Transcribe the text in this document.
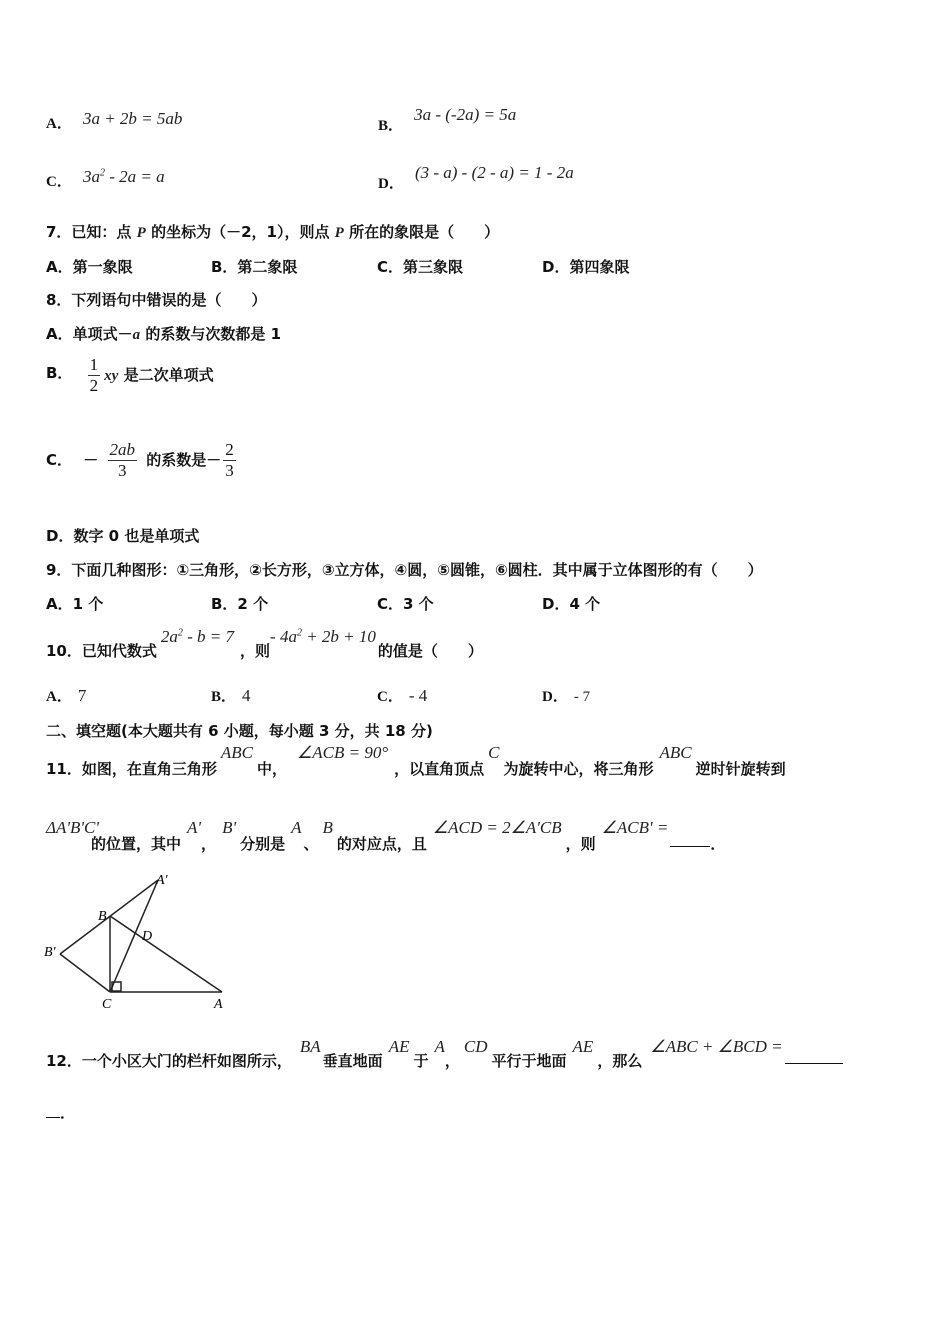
A． 3a + 2b = 5ab	B． 3a - (-2a) = 5a
C． $3a^2 - 2a = a$	D． (3 - a) - (2 - a) = 1 - 2a
7．已知：点 P 的坐标为（－2，1），则点 P 所在的象限是（　　）
A．第一象限	B．第二象限	C．第三象限	D．第四象限
8．下列语句中错误的是（　　）
A．单项式－a 的系数与次数都是 1
B． $\frac{1}{2}$ xy 是二次单项式
C． － $\frac{2ab}{3}$ 的系数是－ $\frac{2}{3}$
D．数字 0 也是单项式
9．下面几种图形：①三角形，②长方形，③立方体，④圆，⑤圆锥，⑥圆柱．其中属于立体图形的有（　　）
A．1 个	B．2 个	C．3 个	D．4 个
10．已知代数式$2a^2 - b = 7$，则- $4a^2 + 2b + 10$的值是（　　）
A． 7	B． 4	C． - 4	D． - 7
二、填空题(本大题共有 6 小题，每小题 3 分，共 18 分)
11．如图，在直角三角形ABC中，∠ACB = 90°，以直角顶点C为旋转中心，将三角形ABC逆时针旋转到
ΔA'B'C'的位置，其中A'，B'分别是A、B的对应点，且∠ACD = 2∠A'CB，则∠ACB' =．
A'
B
D
B'
C	A
12．一个小区大门的栏杆如图所示，BA垂直地面AE于A，CD平行于地面AE，那么∠ABC + ∠BCD =
．
